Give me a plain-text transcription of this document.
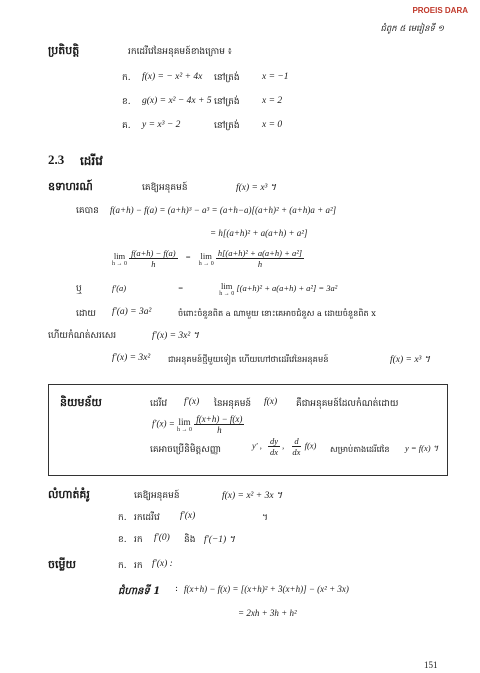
PROEIS DARA
ជំពូក ៥ មេរៀនទី ១
ប្រតិបត្តិ	រកដេរីវេនៃអនុគមន៍ខាងក្រោម ៖
ក. f(x) = − x² + 4x នៅត្រង់ x = −1
ខ. g(x) = x² − 4x + 5 នៅត្រង់ x = 2
គ. y = x³ − 2	នៅត្រង់ x = 0
2.3 ដេរីវេ
ឧទាហរណ៍	គេឱ្យអនុគមន៍	f(x) = x³ ។
គេបាន f(a+h) − f(a) = (a+h)³ − a³ = (a+h−a)[(a+h)² + (a+h)a + a²]
= h[(a+h)² + a(a+h) + a²]
lim
h → 0
$\frac{f(a+h) - f(a)}{h} = \lim$
h → 0
$\frac{\text{h[(a+h)² + a(a+h) + a²]}}{h}$
ឬ	f′(a)	=	lim
h → 0
[(a+h)² + a(a+h) + a²] = 3a²
ដោយ f′(a) = 3a²	ចំពោះចំនួនពិត a ណាមួយ នោះគេអាចជំនួស a ដោយចំនួនពិត x
ហើយកំណត់សរសេរ	f′(x) = 3x² ។
f′(x) = 3x² ជាអនុគមន៍ថ្មីមួយទៀត ហើយហៅថាដេរីវេនៃអនុគមន៍	f(x) = x³ ។
និយមន័យ	ដេរីវេ f′(x) នៃអនុគមន៍ f(x) គឺជាអនុគមន៍ដែលកំណត់ដោយ
f′(x) = lim
h → 0
$\frac{f(x+h) - f(x)}{h}$
គេអាចប្រើនិមិត្តសញ្ញា	y′ , $\frac{dy}{dx}$ , $\frac{d}{dx} f(x)$ សម្រាប់តាងដេរីវេនៃ y = f(x) ។
លំហាត់គំរូ	គេឱ្យអនុគមន៍	f(x) = x² + 3x ។
ក. រកដេរីវេ f′(x)	។
ខ. រក f′(0) និង f′(−1) ។
ចម្លើយ	ក. រក f′(x) :
ជំហានទី 1 : f(x+h) − f(x) = [(x+h)² + 3(x+h)] − (x² + 3x)
= 2xh + 3h + h²
151
